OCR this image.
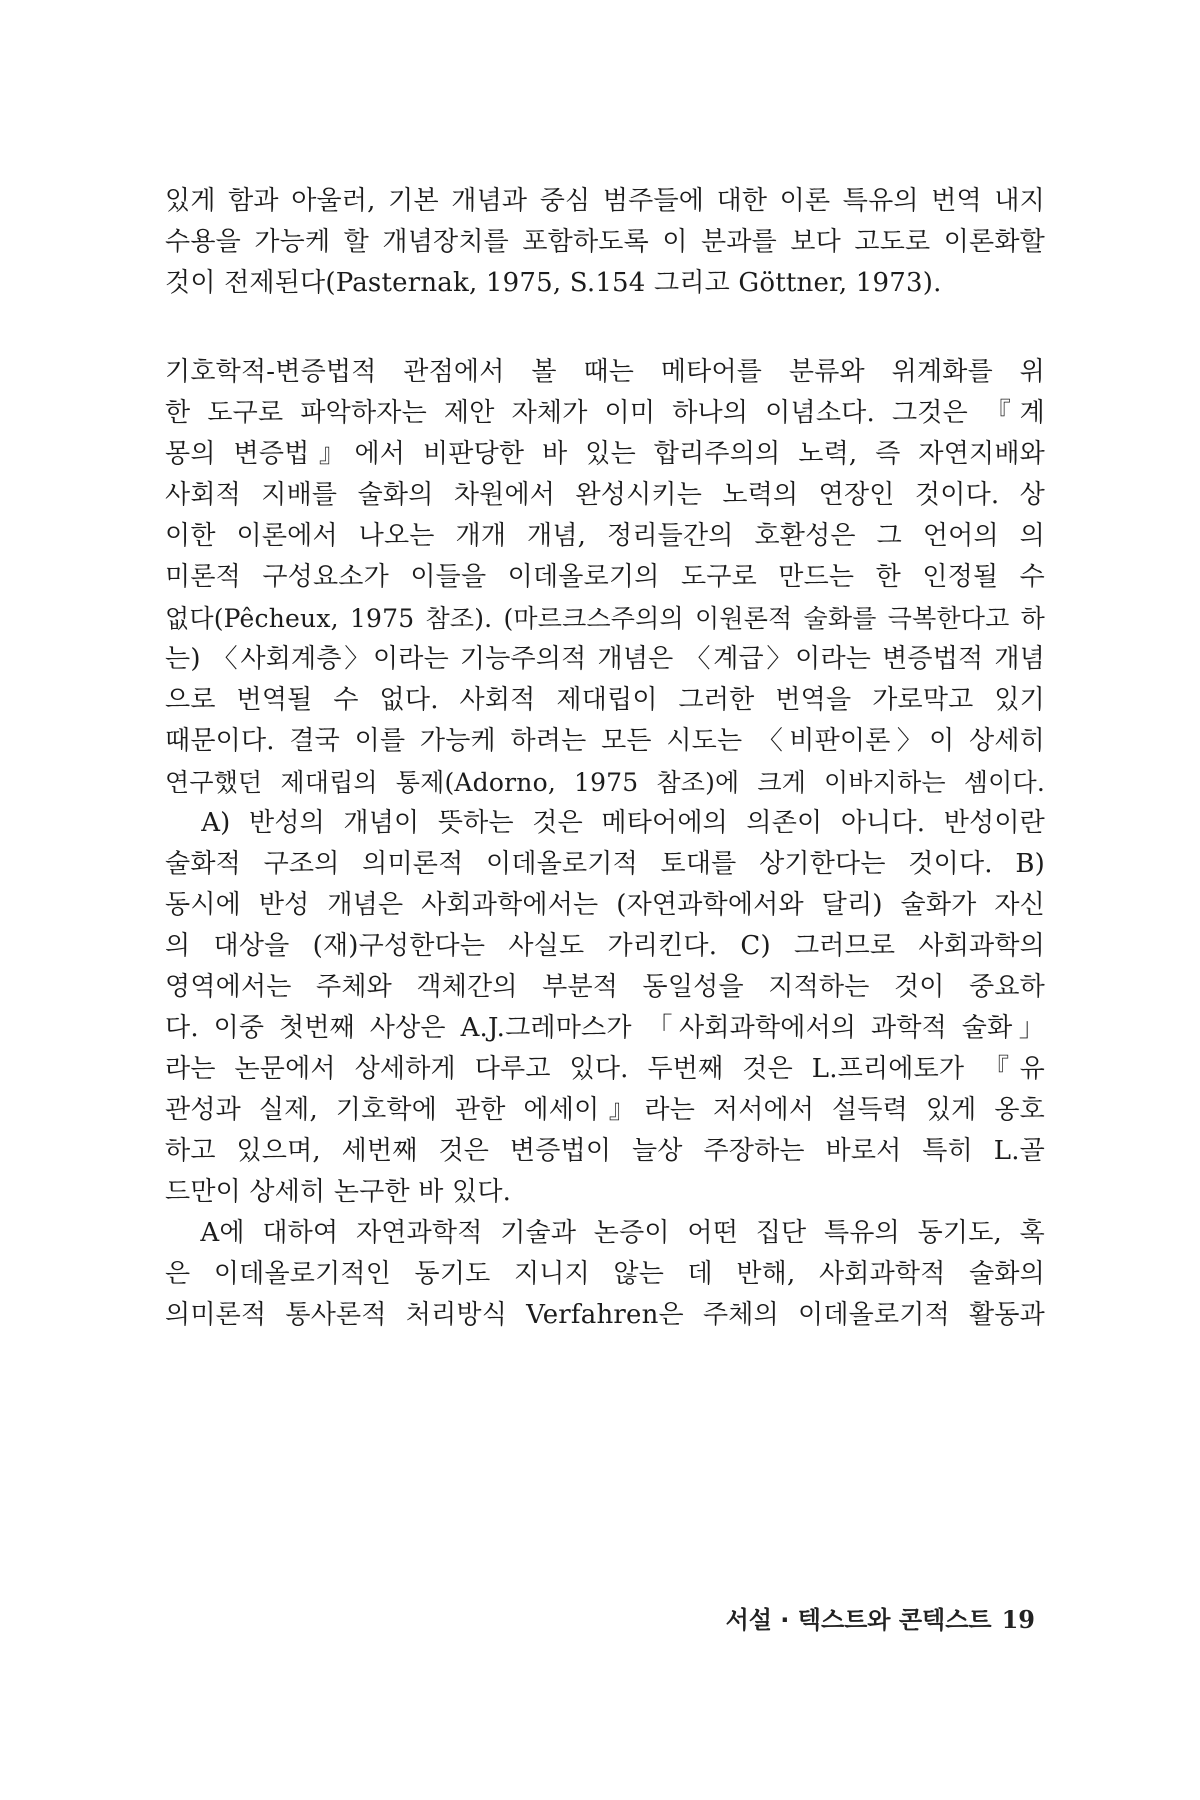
있게 함과 아울러, 기본 개념과 중심 범주들에 대한 이론 특유의 번역 내지
수용을 가능케 할 개념장치를 포함하도록 이 분과를 보다 고도로 이론화할
것이 전제된다(Pasternak, 1975, S.154 그리고 Göttner, 1973).
기호학적-변증법적 관점에서 볼 때는 메타어를 분류와 위계화를 위
한 도구로 파악하자는 제안 자체가 이미 하나의 이념소다. 그것은 『계
몽의 변증법』에서 비판당한 바 있는 합리주의의 노력, 즉 자연지배와
사회적 지배를 술화의 차원에서 완성시키는 노력의 연장인 것이다. 상
이한 이론에서 나오는 개개 개념, 정리들간의 호환성은 그 언어의 의
미론적 구성요소가 이들을 이데올로기의 도구로 만드는 한 인정될 수
없다(Pêcheux, 1975 참조). (마르크스주의의 이원론적 술화를 극복한다고 하
는) 〈사회계층〉이라는 기능주의적 개념은 〈계급〉이라는 변증법적 개념
으로 번역될 수 없다. 사회적 제대립이 그러한 번역을 가로막고 있기
때문이다. 결국 이를 가능케 하려는 모든 시도는 〈비판이론〉이 상세히
연구했던 제대립의 통제(Adorno, 1975 참조)에 크게 이바지하는 셈이다.
　A) 반성의 개념이 뜻하는 것은 메타어에의 의존이 아니다. 반성이란
술화적 구조의 의미론적 이데올로기적 토대를 상기한다는 것이다. B)
동시에 반성 개념은 사회과학에서는 (자연과학에서와 달리) 술화가 자신
의 대상을 (재)구성한다는 사실도 가리킨다. C) 그러므로 사회과학의
영역에서는 주체와 객체간의 부분적 동일성을 지적하는 것이 중요하
다. 이중 첫번째 사상은 A.J.그레마스가 「사회과학에서의 과학적 술화」
라는 논문에서 상세하게 다루고 있다. 두번째 것은 L.프리에토가 『유
관성과 실제, 기호학에 관한 에세이』라는 저서에서 설득력 있게 옹호
하고 있으며, 세번째 것은 변증법이 늘상 주장하는 바로서 특히 L.골
드만이 상세히 논구한 바 있다.
　A에 대하여 자연과학적 기술과 논증이 어떤 집단 특유의 동기도, 혹
은 이데올로기적인 동기도 지니지 않는 데 반해, 사회과학적 술화의
의미론적 통사론적 처리방식 Verfahren은 주체의 이데올로기적 활동과
서설 · 텍스트와 콘텍스트 19
